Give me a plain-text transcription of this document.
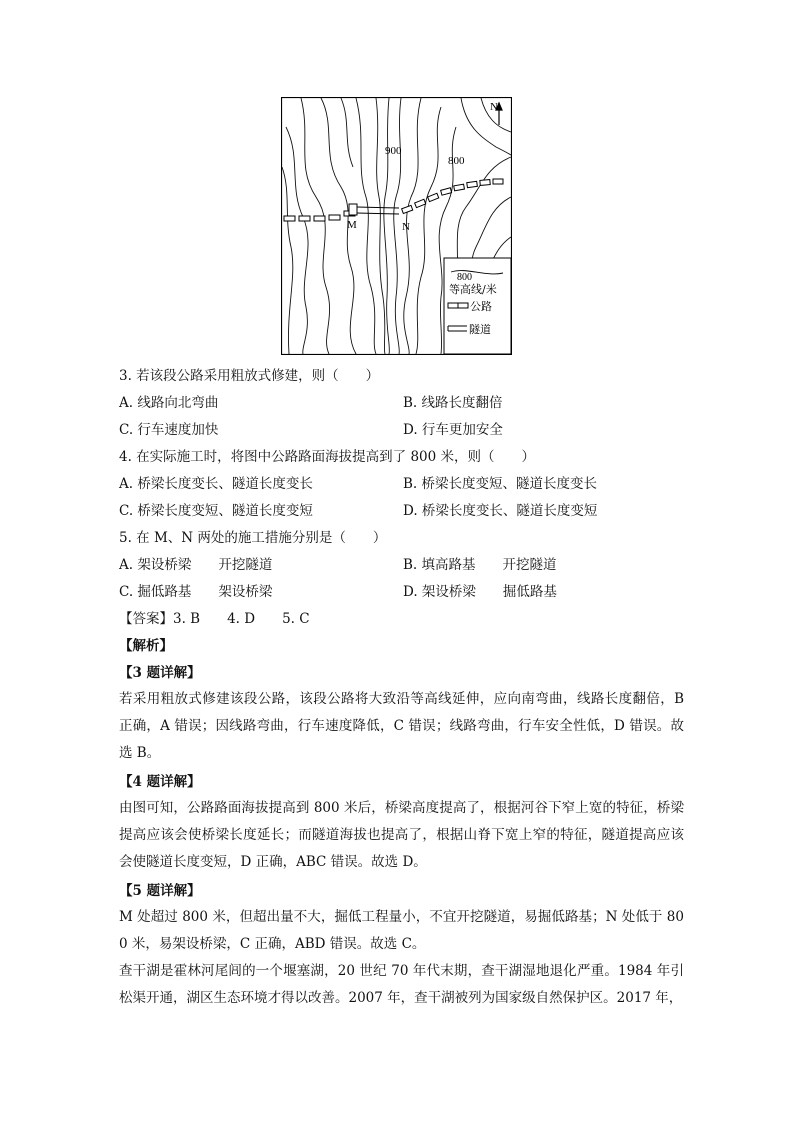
N
900
800
M	N
800
等高线/米
公路
隧道
3. 若该段公路采用粗放式修建，则（　　）
A. 线路向北弯曲	B. 线路长度翻倍
C. 行车速度加快	D. 行车更加安全
4. 在实际施工时，将图中公路路面海拔提高到了 800 米，则（　　）
A. 桥梁长度变长、隧道长度变长	B. 桥梁长度变短、隧道长度变长
C. 桥梁长度变短、隧道长度变短	D. 桥梁长度变长、隧道长度变短
5. 在 M、N 两处的施工措施分别是（　　）
A. 架设桥梁　　开挖隧道	B. 填高路基　　开挖隧道
C. 掘低路基　　架设桥梁	D. 架设桥梁　　掘低路基
【答案】3. B　　4. D　　5. C
【解析】
【3 题详解】
若采用粗放式修建该段公路，该段公路将大致沿等高线延伸，应向南弯曲，线路长度翻倍，B 正确，A 错误；因线路弯曲，行车速度降低，C 错误；线路弯曲，行车安全性低，D 错误。故选 B。
【4 题详解】
由图可知，公路路面海拔提高到 800 米后，桥梁高度提高了，根据河谷下窄上宽的特征，桥梁提高应该会使桥梁长度延长；而隧道海拔也提高了，根据山脊下宽上窄的特征，隧道提高应该会使隧道长度变短，D 正确，ABC 错误。故选 D。
【5 题详解】
M 处超过 800 米，但超出量不大，掘低工程量小，不宜开挖隧道，易掘低路基；N 处低于 800 米，易架设桥梁，C 正确，ABD 错误。故选 C。
查干湖是霍林河尾闾的一个堰塞湖，20 世纪 70 年代末期，查干湖湿地退化严重。1984 年引松渠开通，湖区生态环境才得以改善。2007 年，查干湖被列为国家级自然保护区。2017 年，
